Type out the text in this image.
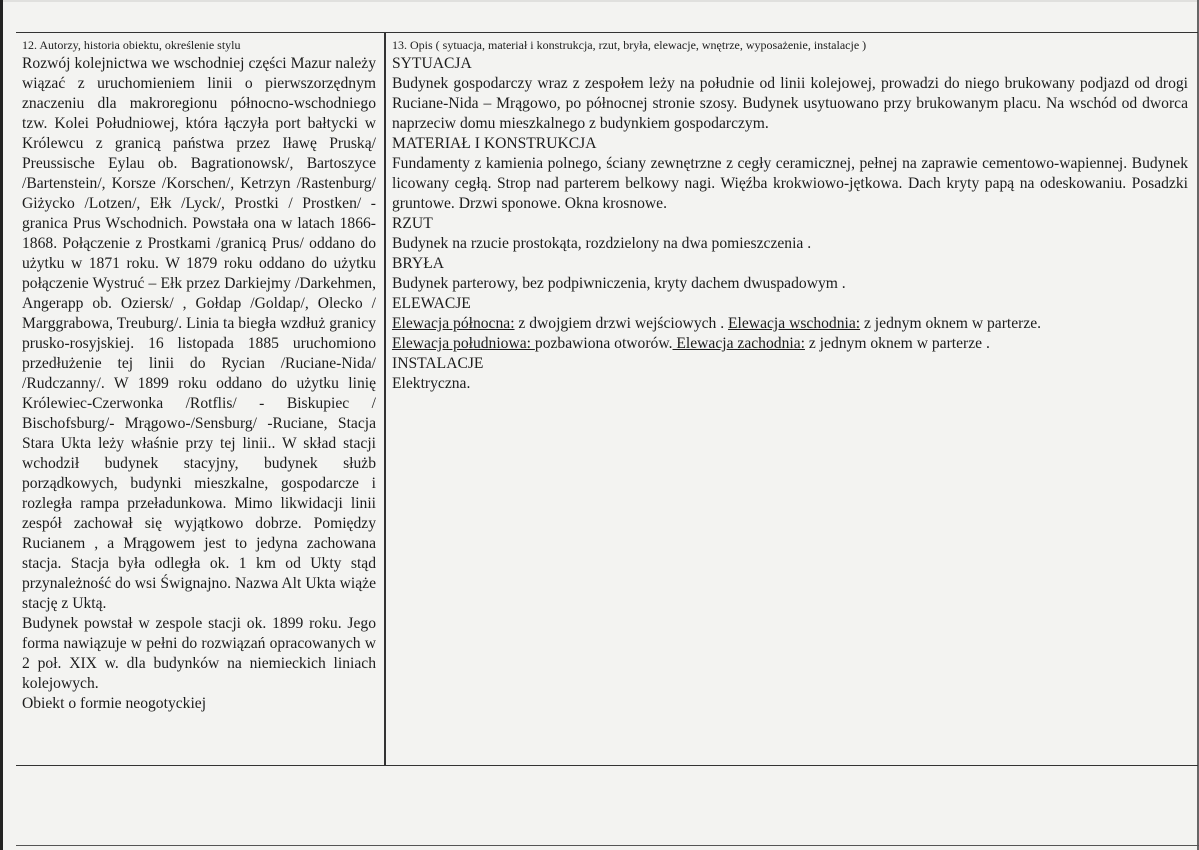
12. Autorzy, historia obiektu, określenie stylu

Rozwój kolejnictwa we wschodniej części Mazur należy wiązać z uruchomieniem linii o pierwszorzędnym znaczeniu dla makroregionu północno-wschodniego tzw. Kolei Południowej, która łączyła port bałtycki w Królewcu z granicą państwa przez Iławę Pruską/ Preussische Eylau ob. Bagrationowsk/, Bartoszyce /Bartenstein/, Korsze /Korschen/, Ketrzyn /Rastenburg/ Giżycko /Lotzen/, Ełk /Lyck/, Prostki / Prostken/ - granica Prus Wschodnich. Powstała ona w latach 1866-1868. Połączenie z Prostkami /granicą Prus/ oddano do użytku w 1871 roku. W 1879 roku oddano do użytku połączenie Wystruć – Ełk przez Darkiejmy /Darkehmen, Angerapp ob. Oziersk/ , Gołdap /Goldap/, Olecko / Marggrabowa, Treuburg/. Linia ta biegła wzdłuż granicy prusko-rosyjskiej. 16 listopada 1885 uruchomiono przedłużenie tej linii do Rycian /Ruciane-Nida/ /Rudczanny/. W 1899 roku oddano do użytku linię Królewiec-Czerwonka /Rotflis/ - Biskupiec / Bischofsburg/- Mrągowo-/Sensburg/ -Ruciane, Stacja Stara Ukta leży właśnie przy tej linii.. W skład stacji wchodził budynek stacyjny, budynek służb porządkowych, budynki mieszkalne, gospodarcze i rozległa rampa przeładunkowa. Mimo likwidacji linii zespół zachował się wyjątkowo dobrze. Pomiędzy Rucianem , a Mrągowem jest to jedyna zachowana stacja. Stacja była odległa ok. 1 km od Ukty stąd przynależność do wsi Śwignajno. Nazwa Alt Ukta wiąże stację z Uktą.

Budynek powstał w zespole stacji ok. 1899 roku. Jego forma nawiązuje w pełni do rozwiązań opracowanych w 2 poł. XIX w. dla budynków na niemieckich liniach kolejowych.

Obiekt o formie neogotyckiej

13. Opis ( sytuacja, materiał i konstrukcja, rzut, bryła, elewacje, wnętrze, wyposażenie, instalacje )

SYTUACJA

Budynek gospodarczy wraz z zespołem leży na południe od linii kolejowej, prowadzi do niego brukowany podjazd od drogi Ruciane-Nida – Mrągowo, po północnej stronie szosy. Budynek usytuowano przy brukowanym placu. Na wschód od dworca naprzeciw domu mieszkalnego z budynkiem gospodarczym.

MATERIAŁ I KONSTRUKCJA

Fundamenty z kamienia polnego, ściany zewnętrzne z cegły ceramicznej, pełnej na zaprawie cementowo-wapiennej. Budynek licowany cegłą. Strop nad parterem belkowy nagi. Więźba krokwiowo-jętkowa. Dach kryty papą na odeskowaniu. Posadzki gruntowe. Drzwi sponowe. Okna krosnowe.

RZUT

Budynek na rzucie prostokąta, rozdzielony na dwa pomieszczenia .

BRYŁA

Budynek parterowy, bez podpiwniczenia, kryty dachem dwuspadowym .

ELEWACJE

Elewacja północna: z dwojgiem drzwi wejściowych . Elewacja wschodnia: z jednym oknem w parterze.

Elewacja południowa: pozbawiona otworów. Elewacja zachodnia: z jednym oknem w parterze .

INSTALACJE

Elektryczna.
